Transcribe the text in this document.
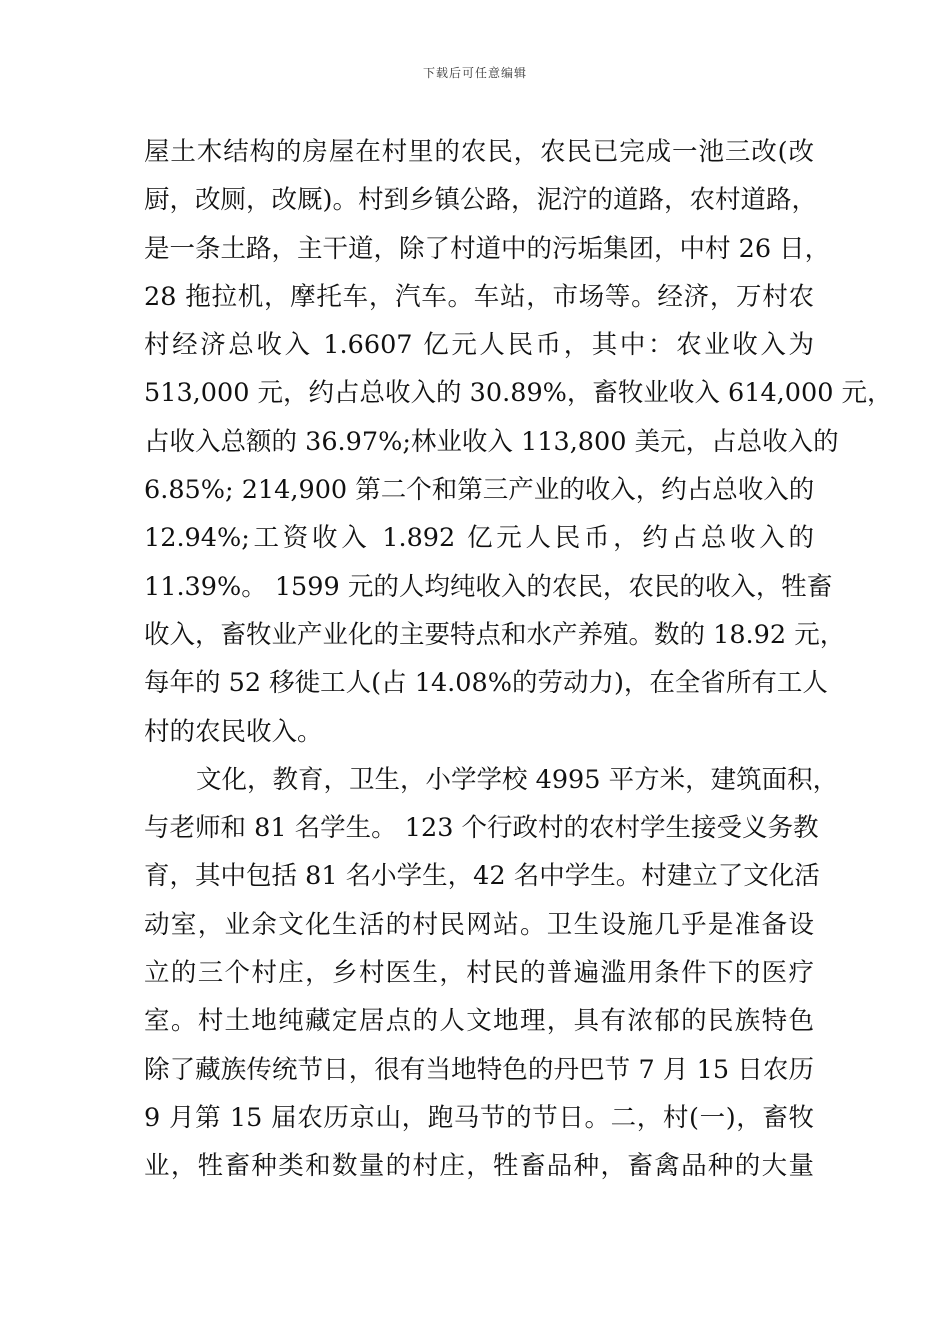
下载后可任意编辑
屋土木结构的房屋在村里的农民，农民已完成一池三改(改
厨，改厕，改厩)。村到乡镇公路，泥泞的道路，农村道路，
是一条土路，主干道，除了村道中的污垢集团，中村 26 日，
28 拖拉机，摩托车，汽车。车站，市场等。经济，万村农
村经济总收入 1.6607 亿元人民币，其中：农业收入为
513,000 元，约占总收入的 30.89%，畜牧业收入 614,000 元，
占收入总额的 36.97%;林业收入 113,800 美元，占总收入的
6.85%; 214,900 第二个和第三产业的收入，约占总收入的
12.94%;工资收入 1.892 亿元人民币，约占总收入的
11.39%。 1599 元的人均纯收入的农民，农民的收入，牲畜
收入，畜牧业产业化的主要特点和水产养殖。数的 18.92 元，
每年的 52 移徙工人(占 14.08%的劳动力)，在全省所有工人
村的农民收入。
文化，教育，卫生，小学学校 4995 平方米，建筑面积，
与老师和 81 名学生。 123 个行政村的农村学生接受义务教
育，其中包括 81 名小学生，42 名中学生。村建立了文化活
动室，业余文化生活的村民网站。卫生设施几乎是准备设
立的三个村庄，乡村医生，村民的普遍滥用条件下的医疗
室。村土地纯藏定居点的人文地理，具有浓郁的民族特色
除了藏族传统节日，很有当地特色的丹巴节 7 月 15 日农历
9 月第 15 届农历京山，跑马节的节日。二，村(一)，畜牧
业，牲畜种类和数量的村庄，牲畜品种，畜禽品种的大量
